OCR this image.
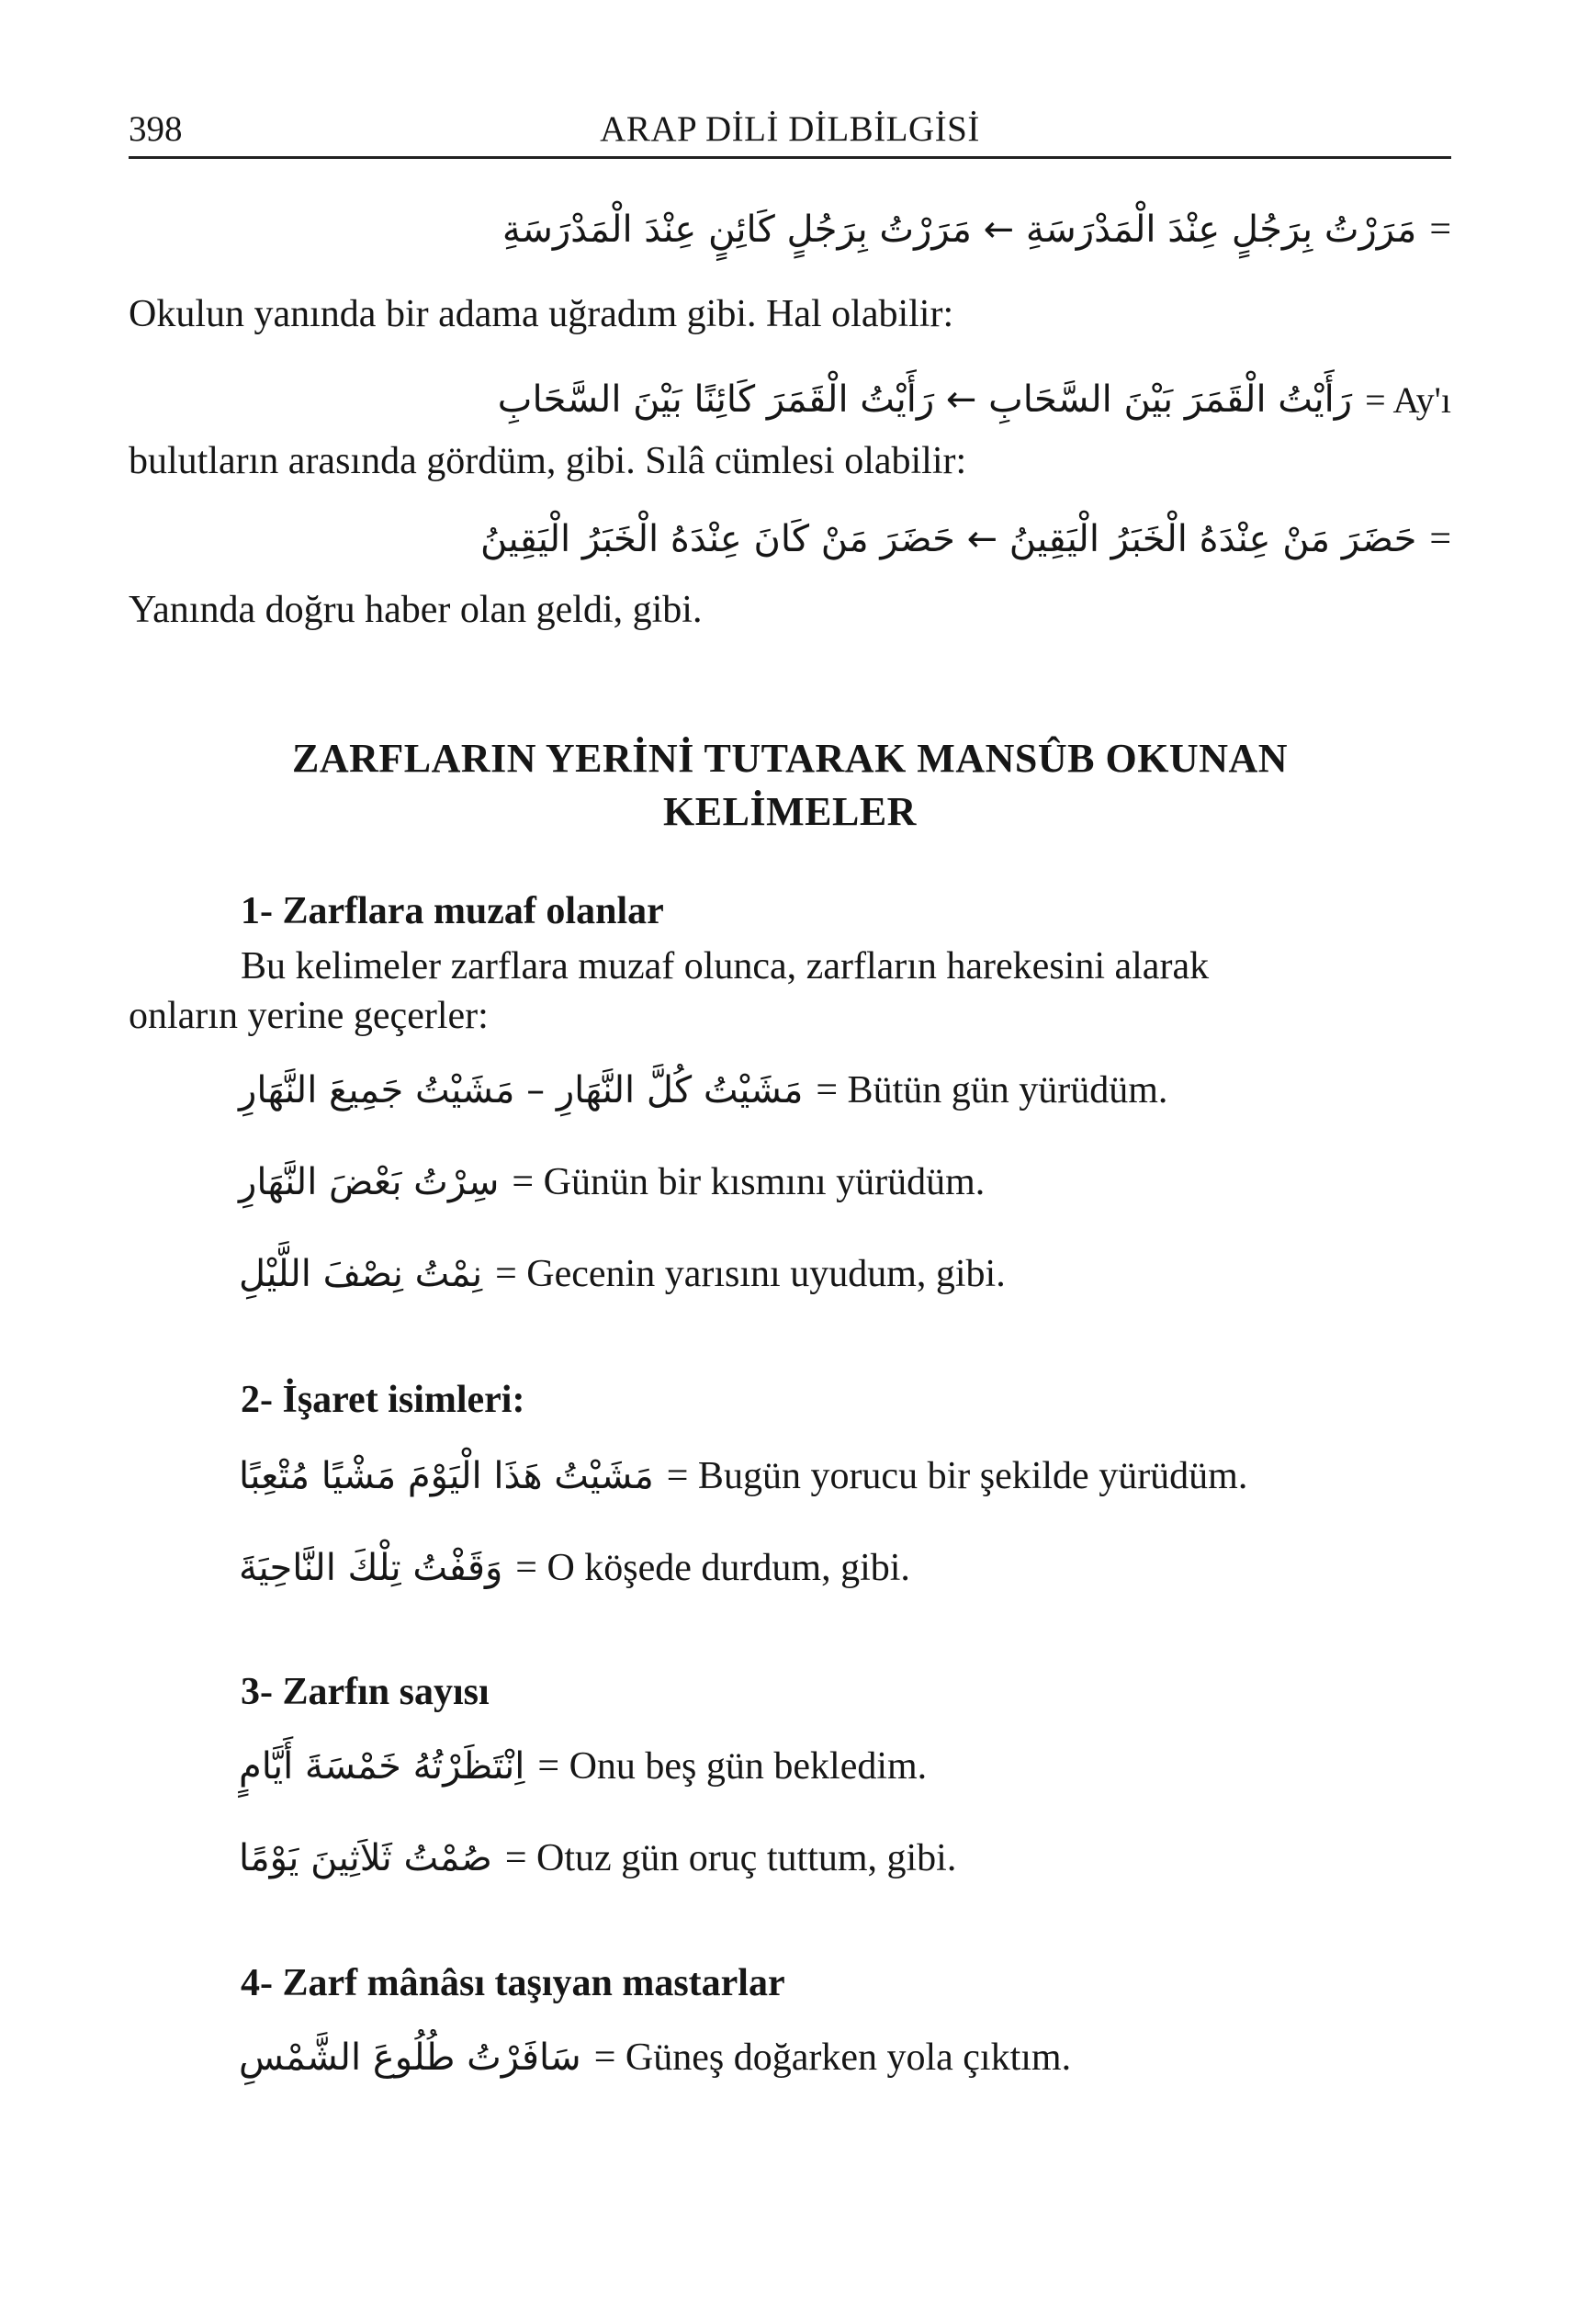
398	ARAP DİLİ DİLBİLGİSİ
مَرَرْتُ بِرَجُلٍ عِنْدَ الْمَدْرَسَةِ ← مَرَرْتُ بِرَجُلٍ كَائِنٍ عِنْدَ الْمَدْرَسَةِ =
Okulun yanında bir adama uğradım gibi. Hal olabilir:
رَأَيْتُ الْقَمَرَ بَيْنَ السَّحَابِ ← رَأَيْتُ الْقَمَرَ كَائِنًا بَيْنَ السَّحَابِ = Ay'ı
bulutların arasında gördüm, gibi. Sılâ cümlesi olabilir:
حَضَرَ مَنْ عِنْدَهُ الْخَبَرُ الْيَقِينُ ← حَضَرَ مَنْ كَانَ عِنْدَهُ الْخَبَرُ الْيَقِينُ =
Yanında doğru haber olan geldi, gibi.
ZARFLARIN YERİNİ TUTARAK MANSÛB OKUNAN
KELİMELER
1- Zarflara muzaf olanlar
Bu kelimeler zarflara muzaf olunca, zarfların harekesini alarak
onların yerine geçerler:
مَشَيْتُ كُلَّ النَّهَارِ – مَشَيْتُ جَمِيعَ النَّهَارِ = Bütün gün yürüdüm.
سِرْتُ بَعْضَ النَّهَارِ = Günün bir kısmını yürüdüm.
نِمْتُ نِصْفَ اللَّيْلِ = Gecenin yarısını uyudum, gibi.
2- İşaret isimleri:
مَشَيْتُ هَذَا الْيَوْمَ مَشْيًا مُتْعِبًا = Bugün yorucu bir şekilde yürüdüm.
وَقَفْتُ تِلْكَ النَّاحِيَةَ = O köşede durdum, gibi.
3- Zarfın sayısı
اِنْتَظَرْتُهُ خَمْسَةَ أَيَّامٍ = Onu beş gün bekledim.
صُمْتُ ثَلاَثِينَ يَوْمًا = Otuz gün oruç tuttum, gibi.
4- Zarf mânâsı taşıyan mastarlar
سَافَرْتُ طُلُوعَ الشَّمْسِ = Güneş doğarken yola çıktım.
